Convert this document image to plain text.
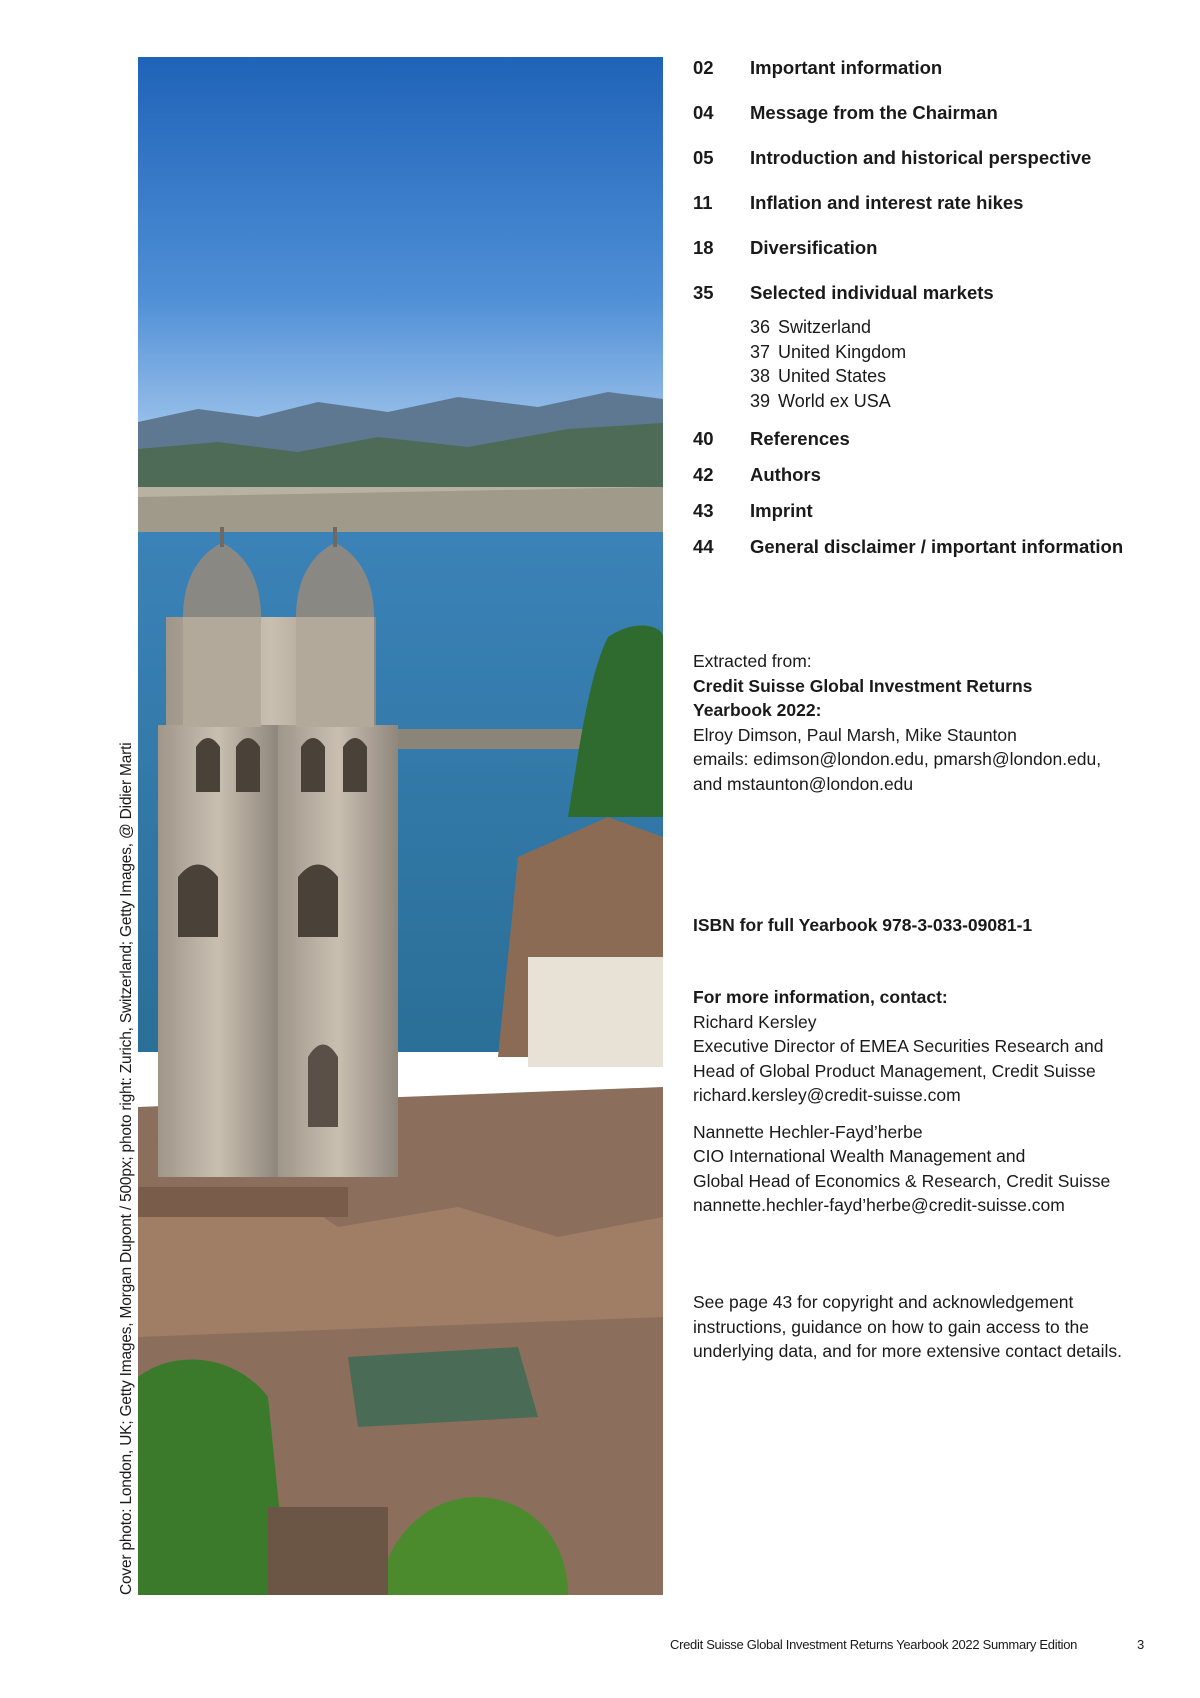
Cover photo: London, UK; Getty Images, Morgan Dupont / 500px; photo right: Zurich, Switzerland; Getty Images, @ Didier Marti
02	Important information
04	Message from the Chairman
05	Introduction and historical perspective
11	Inflation and interest rate hikes
18	Diversification
35	Selected individual markets
36 Switzerland
37 United Kingdom
38 United States
39 World ex USA
40	References
42	Authors
43	Imprint
44	General disclaimer / important information
Extracted from:
Credit Suisse Global Investment Returns
Yearbook 2022:
Elroy Dimson, Paul Marsh, Mike Staunton
emails: edimson@london.edu, pmarsh@london.edu,
and mstaunton@london.edu
ISBN for full Yearbook 978-3-033-09081-1
For more information, contact:
Richard Kersley
Executive Director of EMEA Securities Research and
Head of Global Product Management, Credit Suisse
richard.kersley@credit-suisse.com
Nannette Hechler-Fayd’herbe
CIO International Wealth Management and
Global Head of Economics & Research, Credit Suisse
nannette.hechler-fayd’herbe@credit-suisse.com
See page 43 for copyright and acknowledgement
instructions, guidance on how to gain access to the
underlying data, and for more extensive contact details.
Credit Suisse Global Investment Returns Yearbook 2022 Summary Edition	3
